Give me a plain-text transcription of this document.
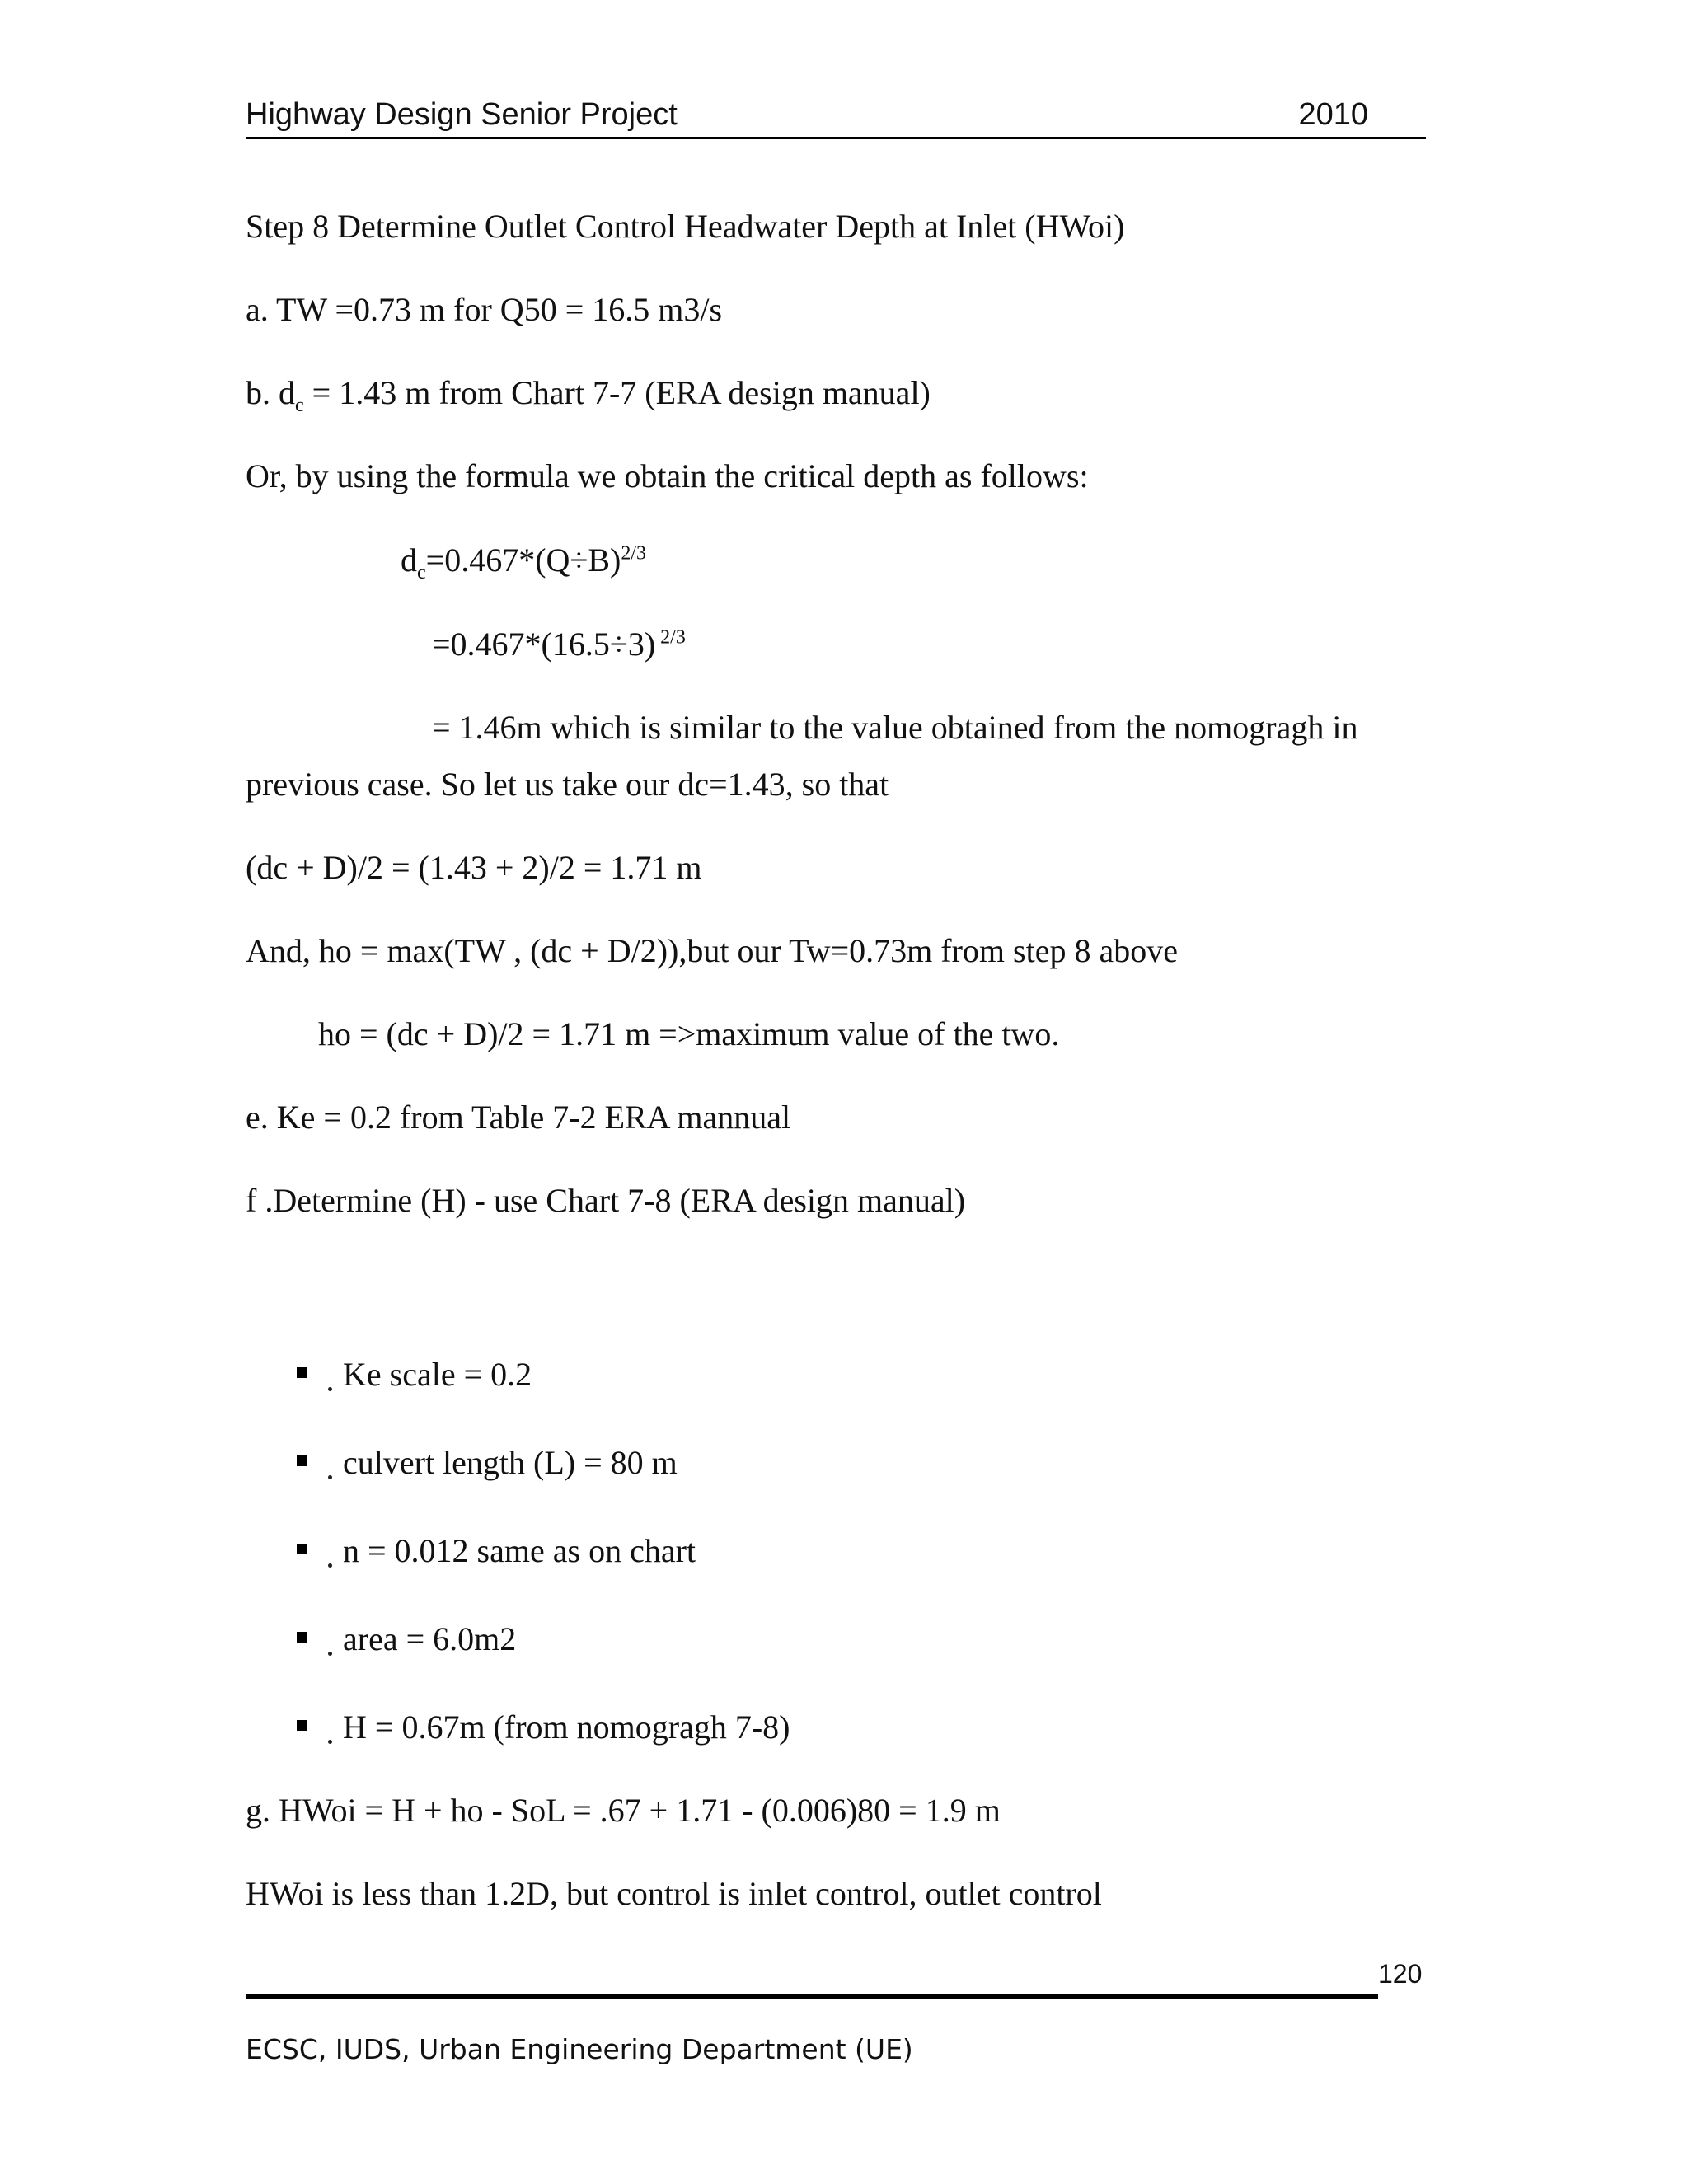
Highway Design Senior Project	2010
Step 8 Determine Outlet Control Headwater Depth at Inlet (HWoi)
a. TW =0.73 m for Q50 = 16.5 m3/s
b. $d_c = 1.43$ m from Chart 7-7 (ERA design manual)
Or, by using the formula we obtain the critical depth as follows:
$d_c=0.467*(Q\div B)^{2/3}$
=0.467*(16.5÷3) $^{2/3}$
= 1.46m which is similar to the value obtained from the nomogragh in
previous case. So let us take our dc=1.43, so that
(dc + D)/2 = (1.43 + 2)/2 = 1.71 m
And, ho = max(TW , (dc + D/2)),but our Tw=0.73m from step 8 above
ho = (dc + D)/2 = 1.71 m =>maximum value of the two.
e. Ke = 0.2 from Table 7-2 ERA mannual
f .Determine (H) - use Chart 7-8 (ERA design manual)
Ke scale = 0.2
culvert length (L) = 80 m
n = 0.012 same as on chart
area = 6.0m2
H = 0.67m (from nomogragh 7-8)
g. HWoi = H + ho - SoL = .67 + 1.71 - (0.006)80 = 1.9 m
HWoi is less than 1.2D, but control is inlet control, outlet control
120
ECSC, IUDS, Urban Engineering Department (UE)
